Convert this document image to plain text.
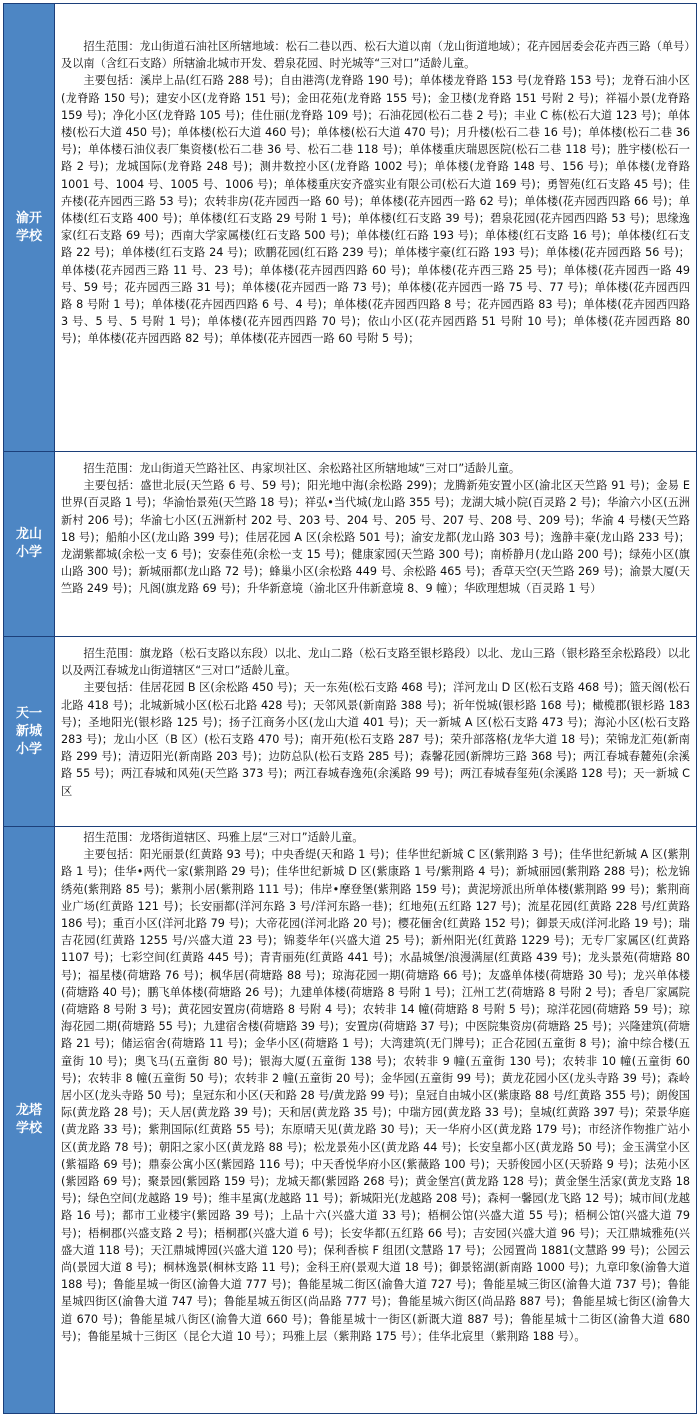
渝开学校	招生范围：龙山街道石油社区所辖地域：松石二巷以西、松石大道以南（龙山街道地域）；花卉园居委会花卉西三路（单号）及以南（含红石支路）所辖渝北城市开发、碧泉花园、时光城等“三对口”适龄儿童。

主要包括：溪岸上品(红石路 288 号)；自由港湾(龙脊路 190 号)；单体楼龙脊路 153 号(龙脊路 153 号)；龙脊石油小区(龙脊路 150 号)；建安小区(龙脊路 151 号)；金田花苑(龙脊路 155 号)；金卫楼(龙脊路 151 号附 2 号)；祥福小景(龙脊路 159 号)；净化小区(龙脊路 105 号)；佳仕丽(龙脊路 109 号)；石油花园(松石二巷 2 号)；丰业 C 栋(松石大道 123 号)；单体楼(松石大道 450 号)；单体楼(松石大道 460 号)；单体楼(松石大道 470 号)；月升楼(松石二巷 16 号)；单体楼(松石二巷 36 号)；单体楼石油仪表厂集资楼(松石二巷 36 号、松石二巷 118 号)；单体楼重庆瑞恩医院(松石二巷 118 号)；胜宇楼(松石一路 2 号)；龙城国际(龙脊路 248 号)；测井数控小区(龙脊路 1002 号)；单体楼(龙脊路 148 号、156 号)；单体楼(龙脊路 1001 号、1004 号、1005 号、1006 号)；单体楼重庆安齐盛实业有限公司(松石大道 169 号)；勇智苑(红石支路 45 号)；佳卉楼(花卉园西三路 53 号)；农转非房(花卉园西一路 60 号)；单体楼(花卉园西一路 62 号)；单体楼(花卉园西四路 66 号)；单体楼(红石支路 400 号)；单体楼(红石支路 29 号附 1 号)；单体楼(红石支路 39 号)；碧泉花园(花卉园西四路 53 号)；思缘逸家(红石支路 69 号)；西南大学家属楼(红石支路 500 号)；单体楼(红石路 193 号)；单体楼(红石支路 16 号)；单体楼(红石支路 22 号)；单体楼(红石支路 24 号)；欧鹏花园(红石路 239 号)；单体楼宇豪(红石路 193 号)；单体楼(花卉园西路 56 号)；单体楼(花卉园西三路 11 号、23 号)；单体楼(花卉园西四路 60 号)；单体楼(花卉西三路 25 号)；单体楼(花卉园西一路 49 号、59 号；花卉园西三路 31 号)；单体楼(花卉园西一路 73 号)；单体楼(花卉园西一路 75 号、77 号)；单体楼(花卉园西四路 8 号附 1 号)；单体楼(花卉园西四路 6 号、4 号)；单体楼(花卉园西四路 8 号；花卉园西路 83 号)；单体楼(花卉园西四路 3 号、5 号、5 号附 1 号)；单体楼(花卉园西四路 70 号)；依山小区(花卉园西路 51 号附 10 号)；单体楼(花卉园西路 80 号)；单体楼(花卉园西路 82 号)；单体楼(花卉园西一路 60 号附 5 号)；

龙山小学	招生范围：龙山街道天竺路社区、冉家坝社区、余松路社区所辖地域“三对口”适龄儿童。

主要包括：盛世北辰(天竺路 6 号、59 号)；阳光地中海(余松路 299)；龙腾新苑安置小区(渝北区天竺路 91 号)；金易 E 世界(百灵路 1 号)；华渝怡景苑(天竺路 18 号)；祥弘•当代城(龙山路 355 号)；龙湖大城小院(百灵路 2 号)；华渝六小区(五洲新村 206 号)；华渝七小区(五洲新村 202 号、203 号、204 号、205 号、207 号、208 号、209 号)；华渝 4 号楼(天竺路 18 号)；船舶小区(龙山路 399 号)；佳居花园 A 区(余松路 501 号)；渝安龙都(龙山路 303 号)；逸静丰豪(龙山路 233 号)；龙湖紫都城(余松一支 6 号)；安泰佳苑(余松一支 15 号)；健康家园(天竺路 300 号)；南桥静月(龙山路 200 号)；绿苑小区(旗山路 300 号)；新城丽都(龙山路 72 号)；蜂巢小区(余松路 449 号、余松路 465 号)；香草天空(天竺路 269 号)；渝景大厦(天竺路 249 号)；凡阁(旗龙路 69 号)；升华新意境（渝北区升伟新意境 8、9 幢）；华欧理想城（百灵路 1 号）

天一新城小学	招生范围：旗龙路（松石支路以东段）以北、龙山二路（松石支路至银杉路段）以北、龙山三路（银杉路至余松路段）以北以及两江春城龙山街道辖区“三对口”适龄儿童。

主要包括：佳居花园 B 区(余松路 450 号)；天一东苑(松石支路 468 号)；洋河龙山 D 区(松石支路 468 号)；篮天阁(松石北路 418 号)；北城新城小区(松石北路 428 号)；天邻风景(新南路 388 号)；祈年悦城(银杉路 168 号)；橄榄郡(银杉路 183 号)；圣地阳光(银杉路 125 号)；扬子江商务小区(龙山大道 401 号)；天一新城 A 区(松石支路 473 号)；海沁小区(松石支路 283 号)；龙山小区（B 区）(松石支路 470 号)；南开苑(松石支路 287 号)；荣升部落格(龙华大道 18 号)；荣锦龙汇苑(新南路 299 号)；清迈阳光(新南路 203 号)；边防总队(松石支路 285 号)；森馨花园(新牌坊三路 368 号)；两江春城春麓苑(余溪路 55 号)；两江春城和风苑(天竺路 373 号)；两江春城春逸苑(余溪路 99 号)；两江春城春玺苑(余溪路 128 号)；天一新城 C 区

龙塔学校	招生范围：龙塔街道辖区、玛雅上层“三对口”适龄儿童。

主要包括：阳光丽景(红黄路 93 号)；中央香缇(天和路 1 号)；佳华世纪新城 C 区(紫荆路 3 号)；佳华世纪新城 A 区(紫荆路 1 号)；佳华•两代一家(紫荆路 29 号)；佳华世纪新城 D 区(紫康路 1 号/紫荆路 4 号)；新城丽园(紫荆路 288 号)；松龙锦绣苑(紫荆路 85 号)；紫荆小居(紫荆路 111 号)；伟岸•摩登堡(紫荆路 159 号)；黄泥塝派出所单体楼(紫荆路 99 号)；紫荆商业广场(红黄路 121 号)；长安丽都(洋河东路 3 号/洋河东路一巷)；红地苑(五红路 127 号)；流星花园(红黄路 228 号/红黄路 186 号)；重百小区(洋河北路 79 号)；大帝花园(洋河北路 20 号)；樱花俪舍(红黄路 152 号)；御景天成(洋河北路 19 号)；瑞吉花园(红黄路 1255 号/兴盛大道 23 号)；锦菱华年(兴盛大道 25 号)；新州阳光(红黄路 1229 号)；无专厂家属区(红黄路 1107 号)；七彩空间(红黄路 445 号)；青青丽苑(红黄路 441 号)；水晶城堡/浪漫满屋(红黄路 439 号)；龙头景苑(荷塘路 80 号)；福星楼(荷塘路 76 号)；枫华居(荷塘路 88 号)；琼海花园一期(荷塘路 66 号)；友盛单体楼(荷塘路 30 号)；龙兴单体楼(荷塘路 40 号)；鹏飞单体楼(荷塘路 26 号)；九建单体楼(荷塘路 8 号附 1 号)；江州工艺(荷塘路 8 号附 2 号)；香皂厂家属院(荷塘路 8 号附 3 号)；黄花园安置房(荷塘路 8 号附 4 号)；农转非 14 幢(荷塘路 8 号附 5 号)；琼洋花园(荷塘路 59 号)；琼海花园二期(荷塘路 55 号)；九建宿舍楼(荷塘路 39 号)；安置房(荷塘路 37 号)；中医院集资房(荷塘路 25 号)；兴隆建筑(荷塘路 21 号)；储运宿舍(荷塘路 11 号)；金华小区(荷塘路 1 号)；大湾建筑(无门牌号)；正合花园(五童街 8 号)；渝中综合楼(五童街 10 号)；奥飞马(五童街 80 号)；银海大厦(五童街 138 号)；农转非 9 幢(五童街 130 号)；农转非 10 幢(五童街 60 号)；农转非 8 幢(五童街 50 号)；农转非 2 幢(五童街 20 号)；金华园(五童街 99 号)；黄龙花园小区(龙头寺路 39 号)；森岭居小区(龙头寺路 50 号)；皇冠东和小区(天和路 28 号/黄龙路 99 号)；皇冠自由城小区(紫康路 88 号/红黄路 355 号)；朗俊国际(黄龙路 28 号)；天人居(黄龙路 39 号)；天和居(黄龙路 35 号)；中瑞方园(黄龙路 33 号)；皇城(红黄路 397 号)；荣景华庭(黄龙路 33 号)；紫荆国际(红黄路 55 号)；东原晴天见(黄龙路 30 号)；天一华府小区(黄龙路 179 号)；市经济作物推广站小区(黄龙路 78 号)；朝阳之家小区(黄龙路 88 号)；松龙景苑小区(黄龙路 44 号)；长安皇都小区(黄龙路 50 号)；金玉满堂小区(紫福路 69 号)；鼎泰公寓小区(紫园路 116 号)；中天香悦华府小区(紫薇路 100 号)；天骄俊园小区(天骄路 9 号)；法苑小区(紫园路 69 号)；聚景园(紫园路 159 号)；龙城天都(紫园路 268 号)；黄金堡宫(黄龙路 128 号)；黄金堡生活家(黄龙支路 18 号)；绿色空间(龙越路 19 号)；维丰星寓(龙越路 11 号)；新城阳光(龙越路 208 号)；森柯一馨园(龙飞路 12 号)；城市间(龙越路 16 号)；都市工业楼宇(紫园路 39 号)；上品十六(兴盛大道 33 号)；梧桐公馆(兴盛大道 55 号)；梧桐公馆(兴盛大道 79 号)；梧桐郡(兴盛支路 2 号)；梧桐郡(兴盛大道 6 号)；长安华都(五红路 66 号)；吉安园(兴盛大道 96 号)；天江鼎城雅苑(兴盛大道 118 号)；天江鼎城博园(兴盛大道 120 号)；保利香槟 F 组团(文慧路 17 号)；公园置尚 1881(文慧路 99 号)；公园云尚(景园大道 8 号)；桐林逸景(桐林支路 11 号)；金科王府(景观大道 18 号)；御景铭湖(新南路 1000 号)；九章印象(渝鲁大道 188 号)；鲁能星城一街区(渝鲁大道 777 号)；鲁能星城二街区(渝鲁大道 727 号)；鲁能星城三街区(渝鲁大道 737 号)；鲁能星城四街区(渝鲁大道 747 号)；鲁能星城五街区(尚品路 777 号)；鲁能星城六街区(尚品路 887 号)；鲁能星城七街区(渝鲁大道 670 号)；鲁能星城八街区(渝鲁大道 660 号)；鲁能星城十一街区(新溉大道 887 号)；鲁能星城十二街区(渝鲁大道 680 号)；鲁能星城十三街区（昆仑大道 10 号）；玛雅上层（紫荆路 175 号）；佳华北宸里（紫荆路 188 号）。
